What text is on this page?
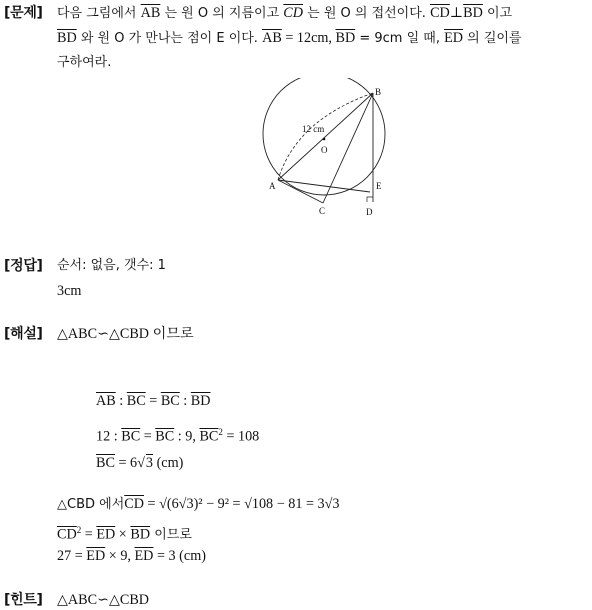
[문제] 다음 그림에서 $\overline{AB}$ 는 원 O 의 지름이고 $\overline{CD}$ 는 원 O 의 접선이다. $\overline{CD}\perp\overline{BD}$ 이고
$\overline{BD}$ 와 원 O 가 만나는 점이 E 이다. $\overline{AB} = 12cm$, $\overline{BD} = 9cm$ 일 때, $\overline{ED}$ 의 길이를
구하여라.
B
A
C	D
E
O
12 cm
[정답] 순서: 없음, 갯수: 1
3cm
[해설] △ABC∽△CBD 이므로
$\overline{AB}$ : $\overline{BC} = \overline{BC}$ : $\overline{BD}$
12 : $\overline{BC} = \overline{BC}$ : 9, $\overline{BC}^2 = 108$
$\overline{BC} = 6√3$ (cm)
△CBD 에서$\overline{CD} = √(6√3)^2 - 9^2 = √108 - 81 = 3√3$
$\overline{CD}^2 = \overline{ED} \times \overline{BD}$ 이므로
$27 = \overline{ED} \times 9$, $\overline{ED} = 3$ (cm)
[힌트] △ABC∽△CBD
